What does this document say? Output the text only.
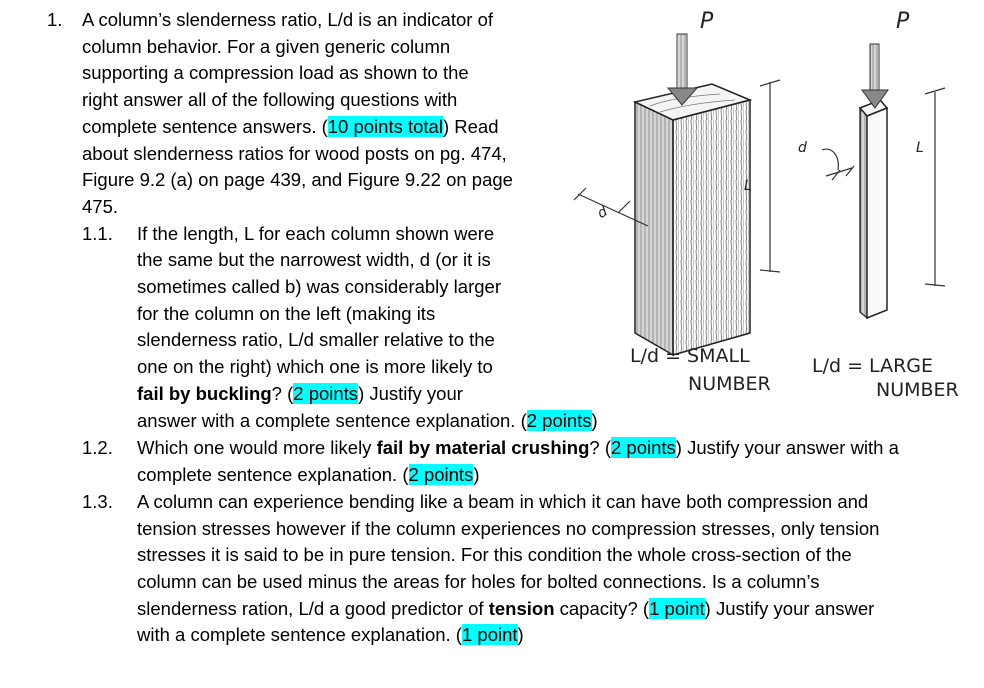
1. A column’s slenderness ratio, L/d is an indicator of
column behavior. For a given generic column
supporting a compression load as shown to the
right answer all of the following questions with
complete sentence answers. (10 points total) Read
about slenderness ratios for wood posts on pg. 474,
Figure 9.2 (a) on page 439, and Figure 9.22 on page
475.
1.1. If the length, L for each column shown were
the same but the narrowest width, d (or it is
sometimes called b) was considerably larger
for the column on the left (making its
slenderness ratio, L/d smaller relative to the
one on the right) which one is more likely to
fail by buckling? (2 points) Justify your
answer with a complete sentence explanation. (2 points)
1.2. Which one would more likely fail by material crushing? (2 points) Justify your answer with a
complete sentence explanation. (2 points)
1.3. A column can experience bending like a beam in which it can have both compression and
tension stresses however if the column experiences no compression stresses, only tension
stresses it is said to be in pure tension. For this condition the whole cross-section of the
column can be used minus the areas for holes for bolted connections. Is a column’s
slenderness ration, L/d a good predictor of tension capacity? (1 point) Justify your answer
with a complete sentence explanation. (1 point)
P
d
L
P
d	L
L/d = SMALL
NUMBER
L/d = LARGE
NUMBER
